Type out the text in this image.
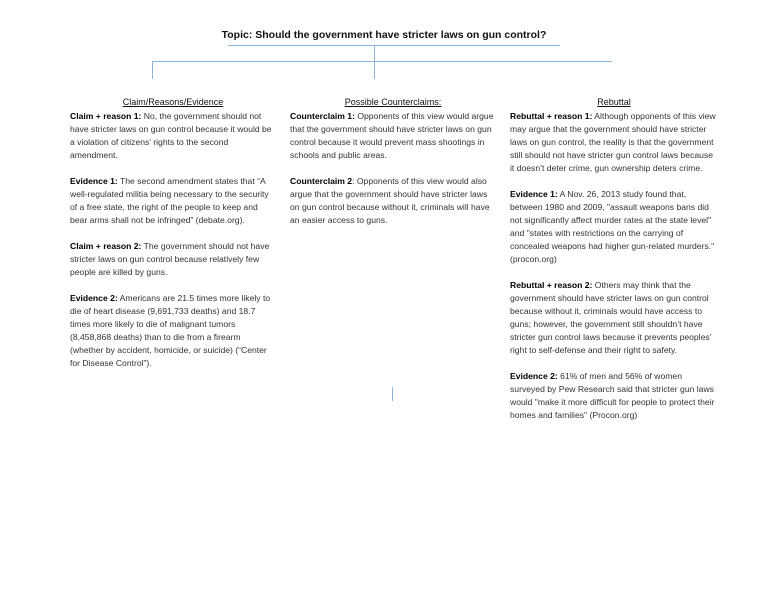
Topic: Should the government have stricter laws on gun control?
Claim/Reasons/Evidence

Claim + reason 1: No, the government should not have stricter laws on gun control because it would be a violation of citizens’ rights to the second amendment.

Evidence 1: The second amendment states that “A well-regulated militia being necessary to the security of a free state, the right of the people to keep and bear arms shall not be infringed” (debate.org).

Claim + reason 2: The government should not have stricter laws on gun control because relatively few people are killed by guns.

Evidence 2: Americans are 21.5 times more likely to die of heart disease (9,691,733 deaths) and 18.7 times more likely to die of malignant tumors (8,458,868 deaths) than to die from a firearm (whether by accident, homicide, or suicide) (“Center for Disease Control”).

Possible Counterclaims:

Counterclaim 1: Opponents of this view would argue that the government should have stricter laws on gun control because it would prevent mass shootings in schools and public areas.

Counterclaim 2: Opponents of this view would also argue that the government should have stricter laws on gun control because without it, criminals will have an easier access to guns.

Rebuttal

Rebuttal + reason 1: Although opponents of this view may argue that the government should have stricter laws on gun control, the reality is that the government still should not have stricter gun control laws because it doesn’t deter crime, gun ownership deters crime.

Evidence 1: A Nov. 26, 2013 study found that, between 1980 and 2009, "assault weapons bans did not significantly affect murder rates at the state level" and "states with restrictions on the carrying of concealed weapons had higher gun-related murders." (procon.org)

Rebuttal + reason 2: Others may think that the government should have stricter laws on gun control because without it, criminals would have access to guns; however, the government still shouldn’t have stricter gun control laws because it prevents peoples’ right to self-defense and their right to safety.

Evidence 2: 61% of men and 56% of women surveyed by Pew Research said that stricter gun laws would "make it more difficult for people to protect their homes and families" (Procon.org)
